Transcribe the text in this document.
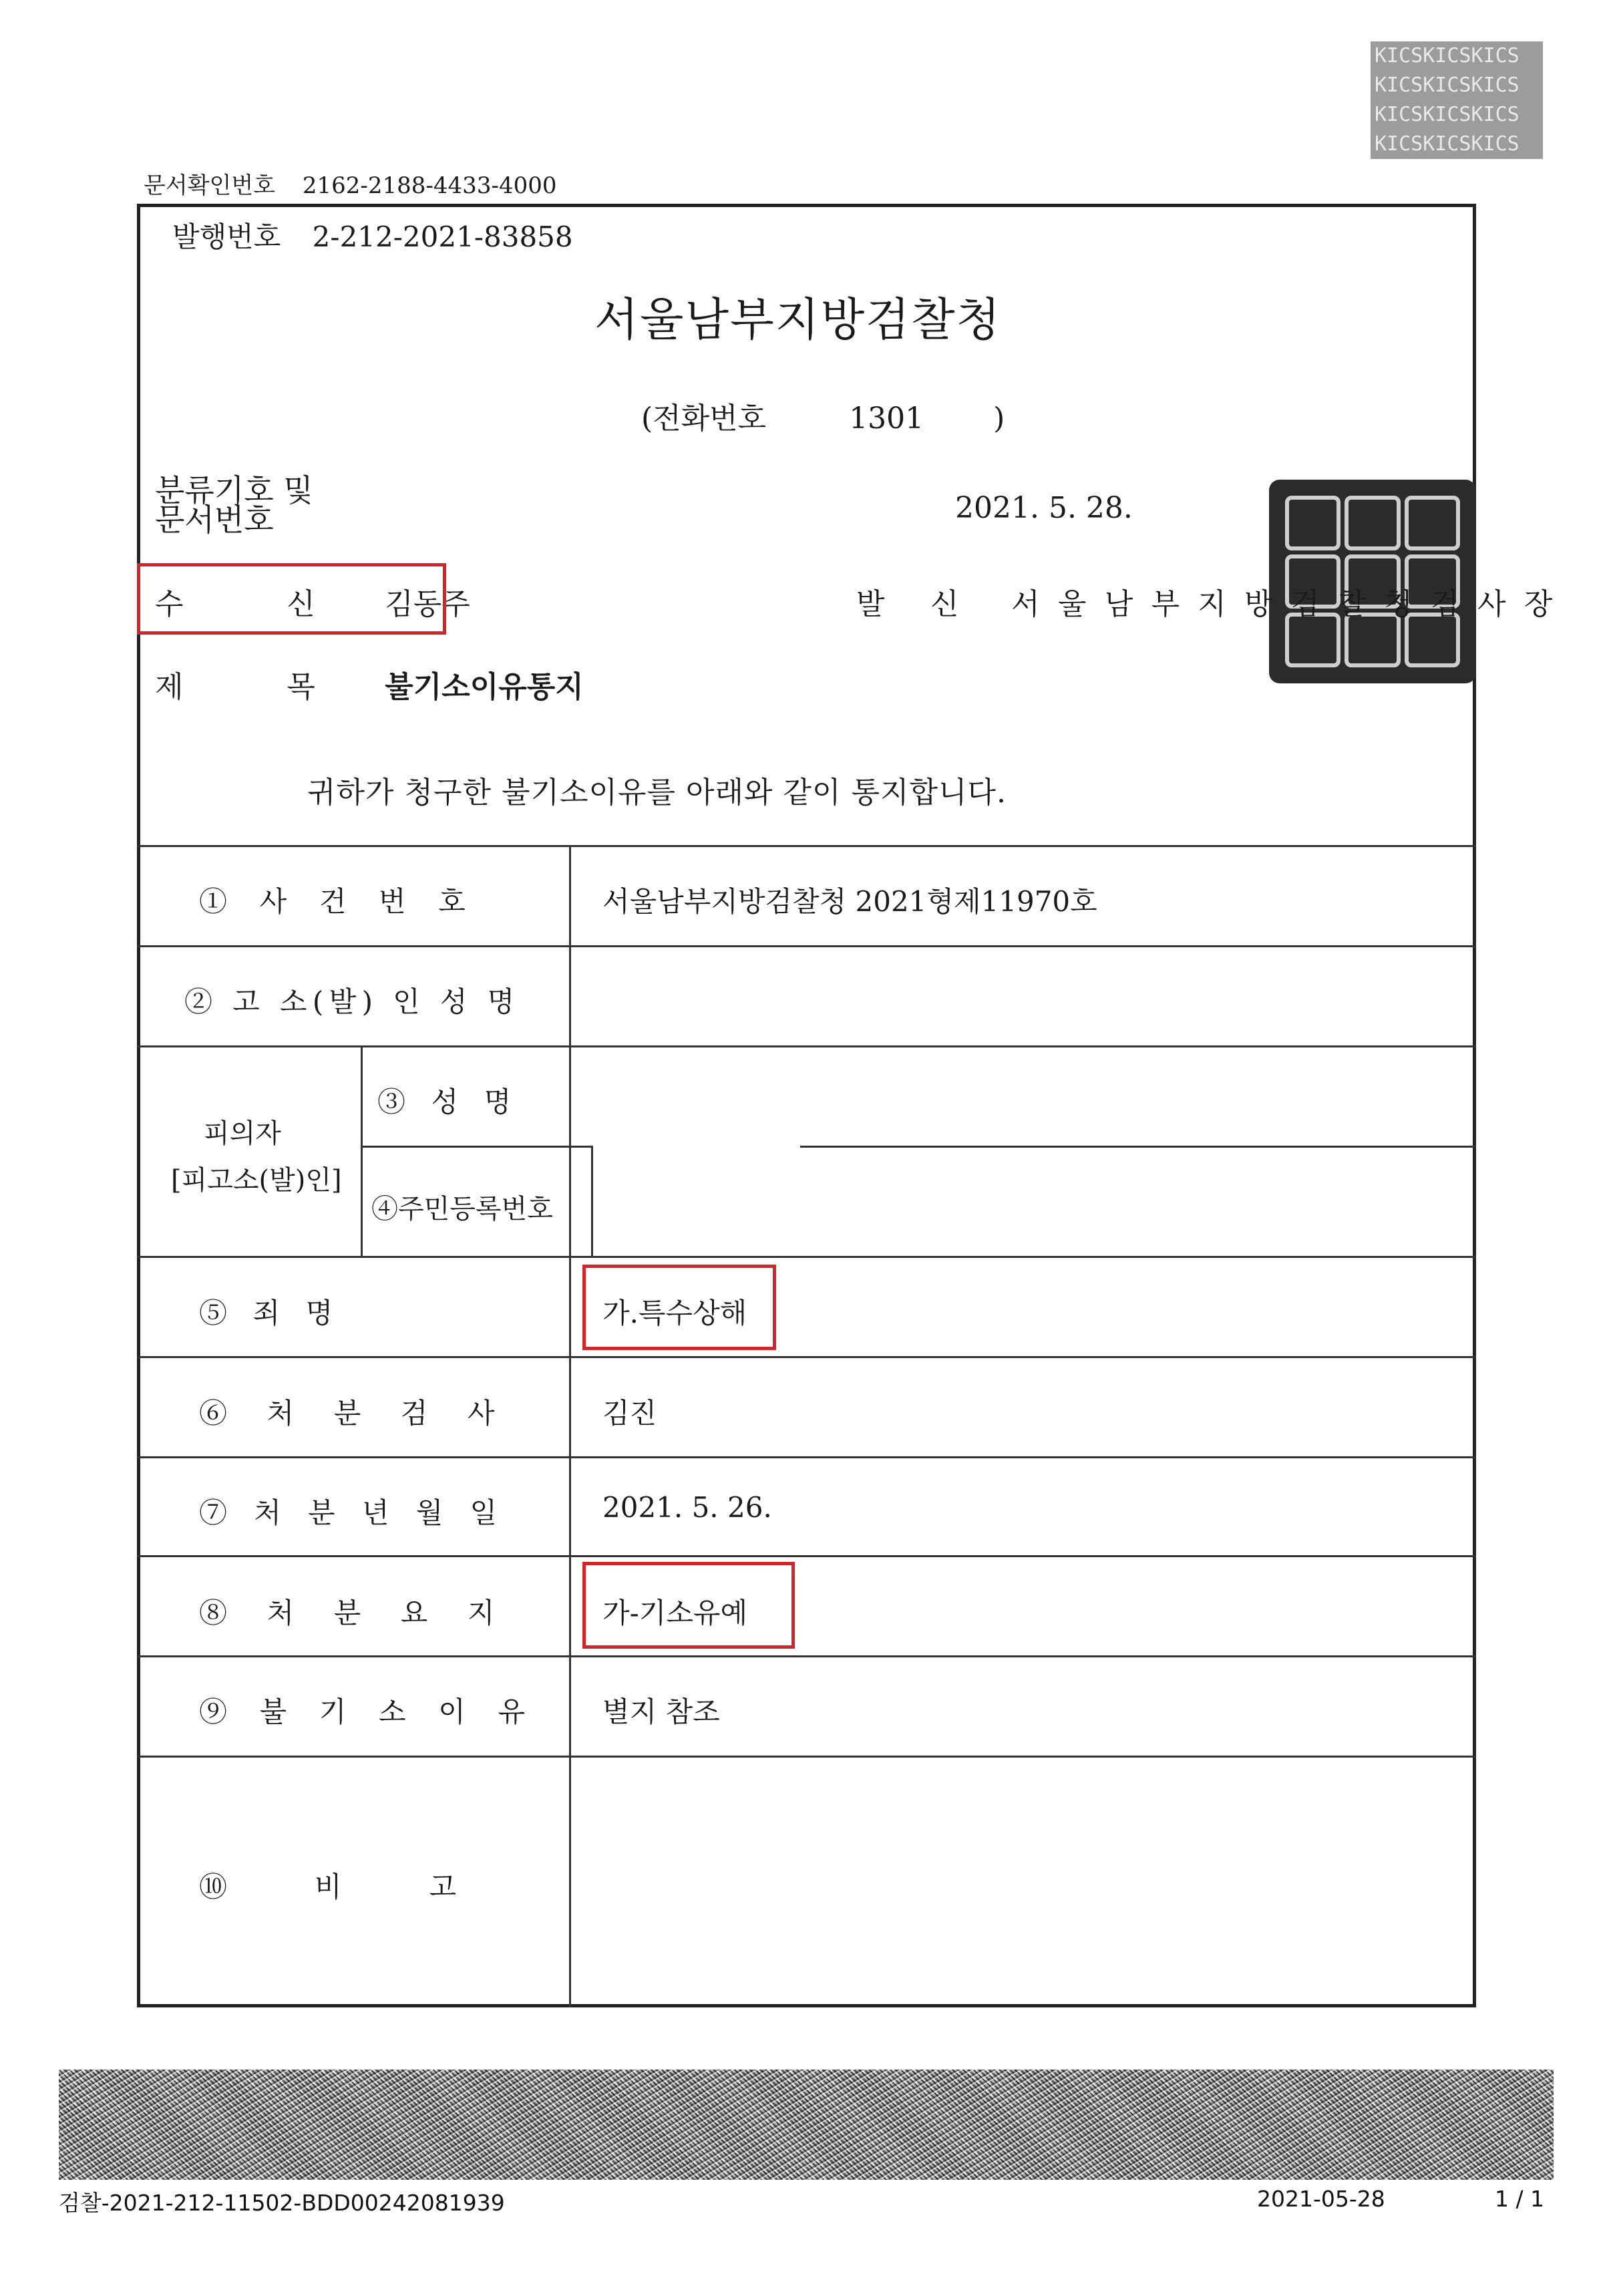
KICSKICSKICS
KICSKICSKICS
KICSKICSKICS
KICSKICSKICS
문서확인번호 2162-2188-4433-4000
발행번호 2-212-2021-83858
서울남부지방검찰청
(전화번호	1301 )
분류기호 및
문서번호	2021. 5. 28.
수 신 김동주	발 신 서울남부지방검찰청검사장
제 목 불기소이유통지
귀하가 청구한 불기소이유를 아래와 같이 통지합니다.
① 사 건 번 호	서울남부지방검찰청 2021형제11970호
② 고 소(발) 인 성 명
피의자
[피고소(발)인]
③ 성 명
④주민등록번호
⑤ 죄 명	가.특수상해
⑥ 처 분 검 사	김진
⑦ 처 분 년 월 일	2021. 5. 26.
⑧ 처 분 요 지	가-기소유예
⑨ 불 기 소 이 유 별지 참조
⑩ 비 고
검찰-2021-212-11502-BDD00242081939	2021-05-28	1 / 1
